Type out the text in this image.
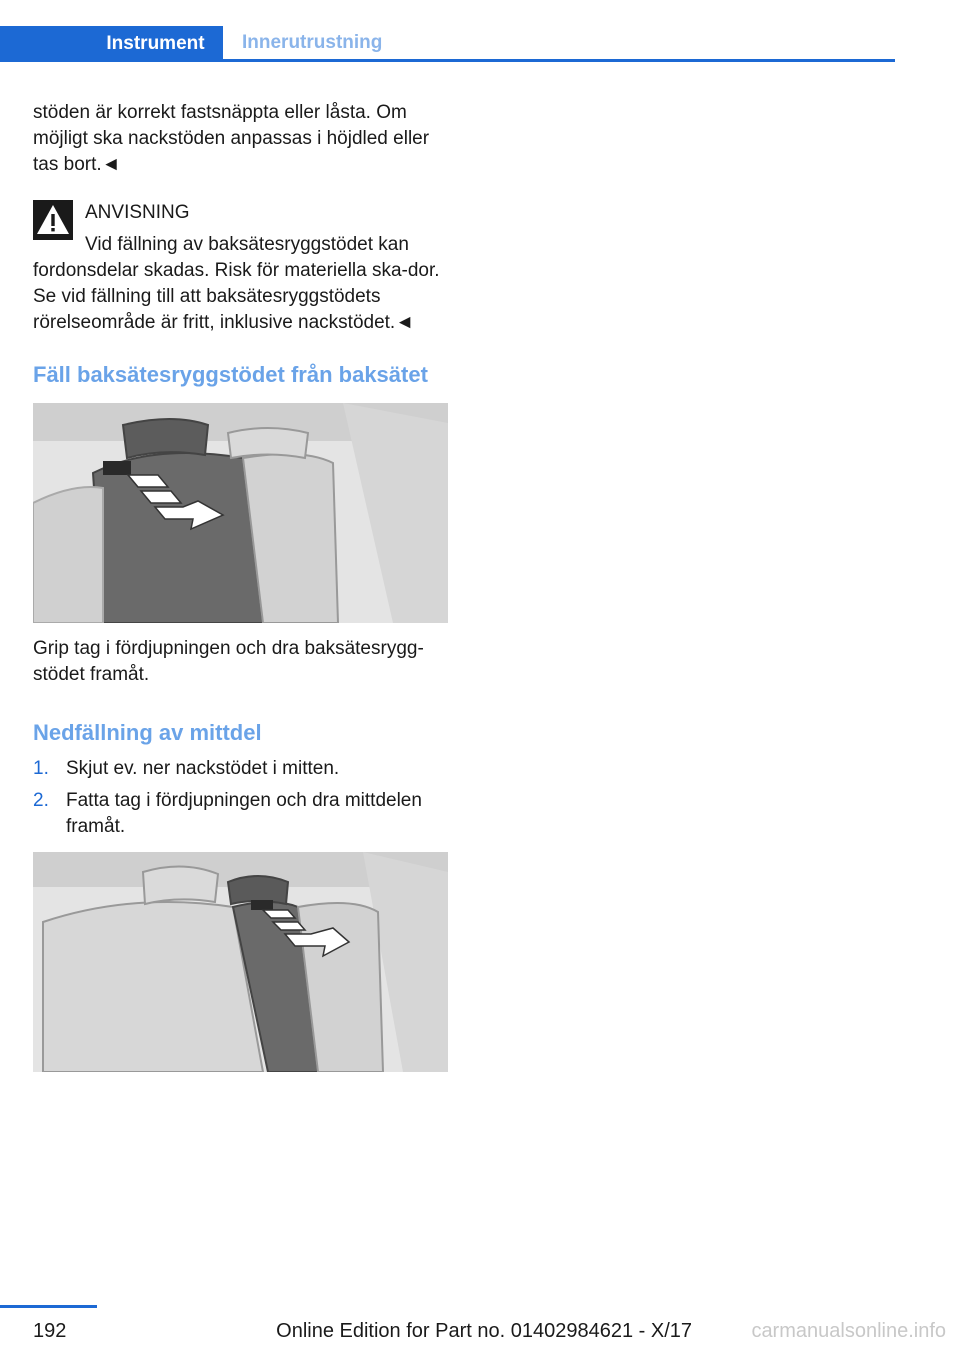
Instrument	Innerutrustning

stöden är korrekt fastsnäppta eller låsta. Om möjligt ska nackstöden anpassas i höjdled eller tas bort.◄

ANVISNING
Vid fällning av baksätesryggstödet kan
fordonsdelar skadas. Risk för materiella ska-dor. Se vid fällning till att baksätesryggstödets rörelseområde är fritt, inklusive nackstödet.◄
Fäll baksätesryggstödet från baksätet

Grip tag i fördjupningen och dra baksätesrygg-stödet framåt.

Nedfällning av mittdel
1. Skjut ev. ner nackstödet i mitten.
2. Fatta tag i fördjupningen och dra mittdelen framåt.
192	Online Edition for Part no. 01402984621 - X/17	carmanualsonline.info
